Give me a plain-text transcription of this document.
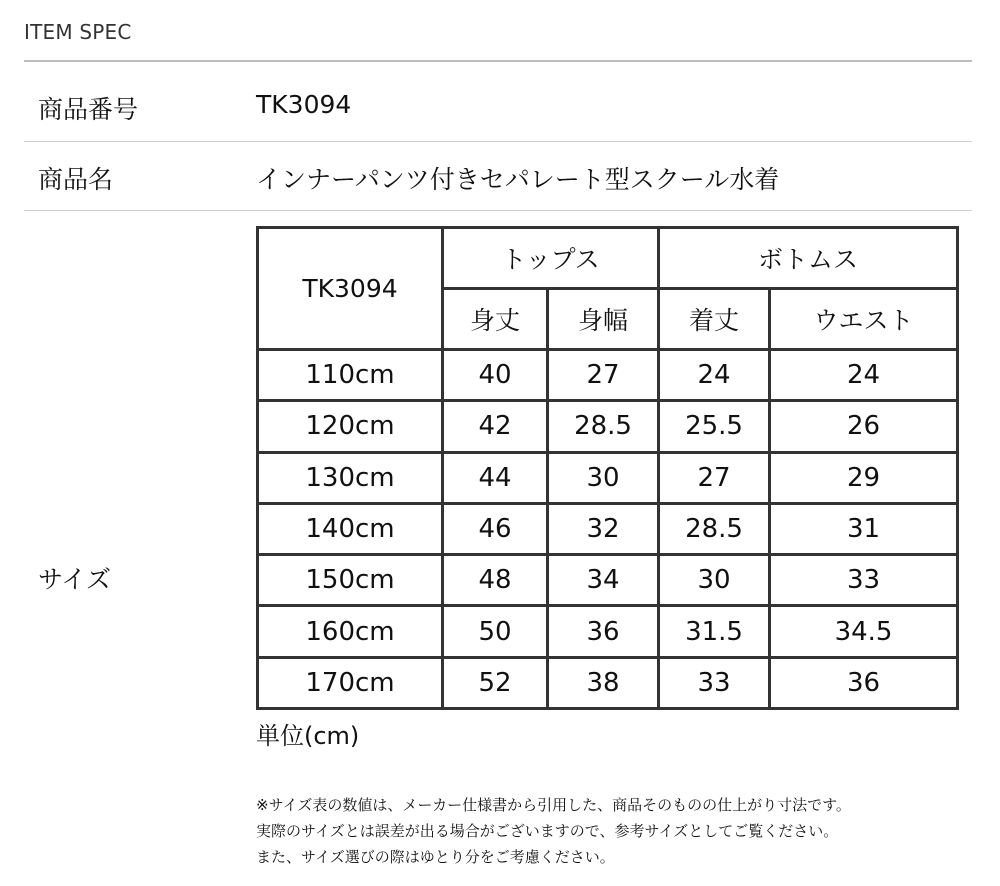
ITEM SPEC
商品番号	TK3094
商品名	インナーパンツ付きセパレート型スクール水着
サイズ
TK3094	トップス		ボトムス	
	身丈	身幅	着丈	ウエスト
110cm	40	27	24	24
120cm	42	28.5	25.5	26
130cm	44	30	27	29
140cm	46	32	28.5	31
150cm	48	34	30	33
160cm	50	36	31.5	34.5
170cm	52	38	33	36
単位(cm)
※サイズ表の数値は、メーカー仕様書から引用した、商品そのものの仕上がり寸法です。
実際のサイズとは誤差が出る場合がございますので、参考サイズとしてご覧ください。
また、サイズ選びの際はゆとり分をご考慮ください。
